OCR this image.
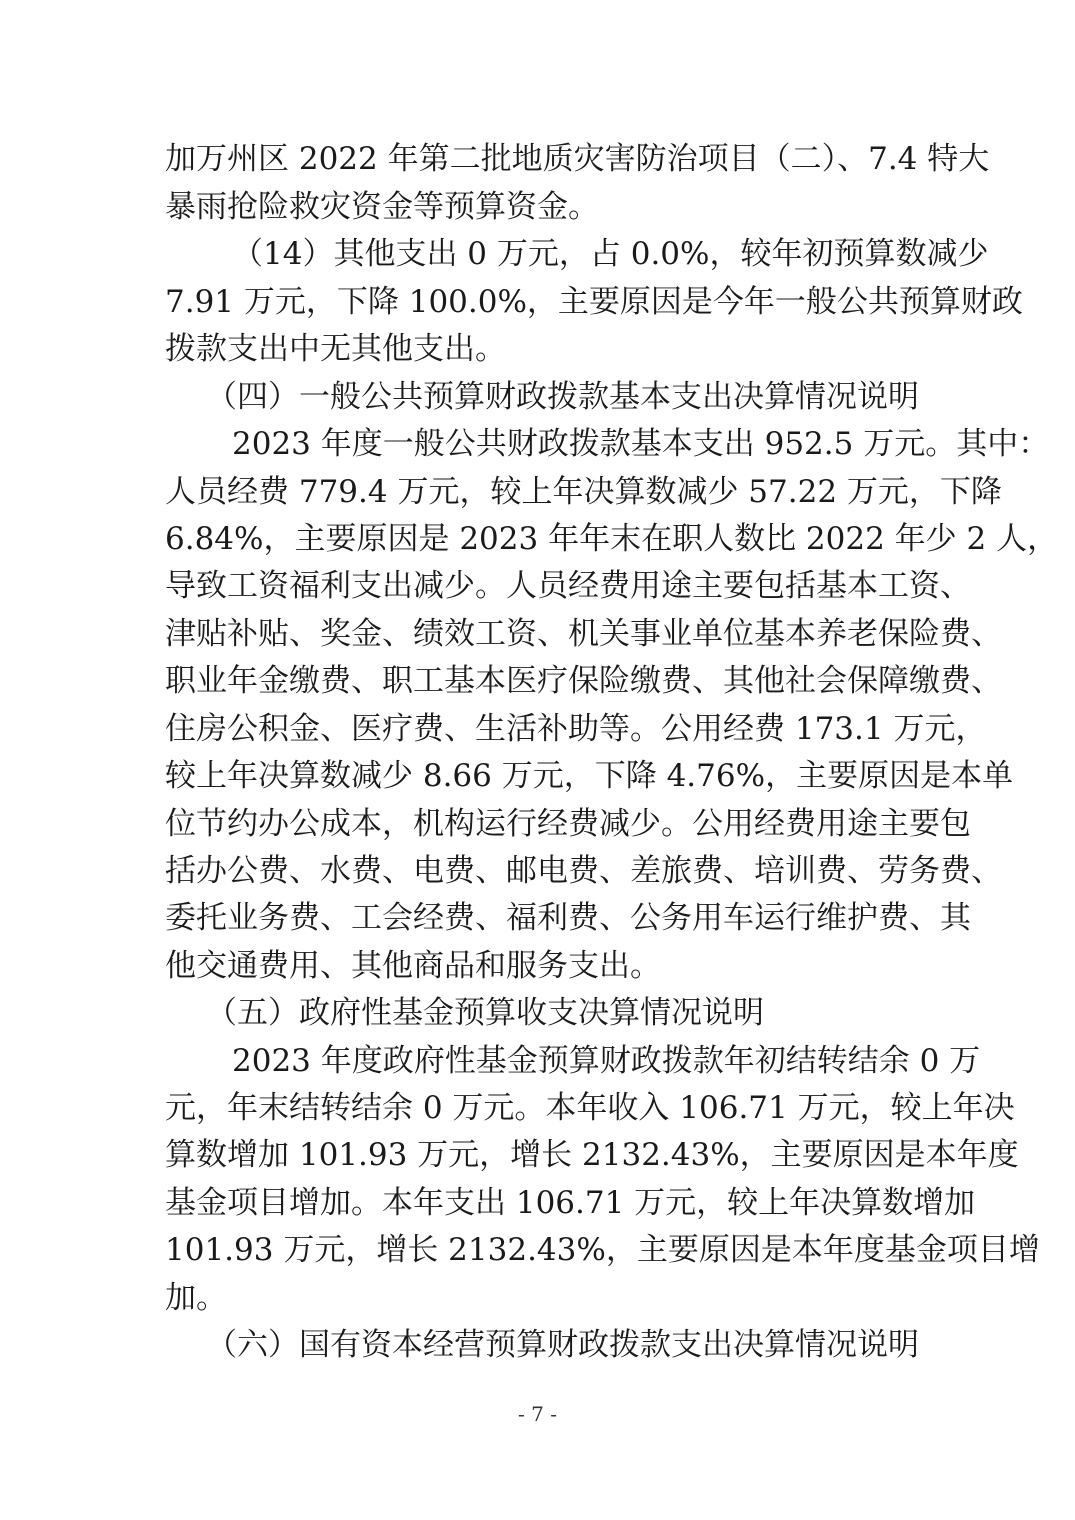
加万州区 2022 年第二批地质灾害防治项目（二）、7.4 特大
暴雨抢险救灾资金等预算资金。
（14）其他支出 0 万元，占 0.0%，较年初预算数减少
7.91 万元，下降 100.0%，主要原因是今年一般公共预算财政
拨款支出中无其他支出。
（四）一般公共预算财政拨款基本支出决算情况说明
2023 年度一般公共财政拨款基本支出 952.5 万元。其中：
人员经费 779.4 万元，较上年决算数减少 57.22 万元，下降
6.84%，主要原因是 2023 年年末在职人数比 2022 年少 2 人，
导致工资福利支出减少。人员经费用途主要包括基本工资、
津贴补贴、奖金、绩效工资、机关事业单位基本养老保险费、
职业年金缴费、职工基本医疗保险缴费、其他社会保障缴费、
住房公积金、医疗费、生活补助等。公用经费 173.1 万元，
较上年决算数减少 8.66 万元，下降 4.76%，主要原因是本单
位节约办公成本，机构运行经费减少。公用经费用途主要包
括办公费、水费、电费、邮电费、差旅费、培训费、劳务费、
委托业务费、工会经费、福利费、公务用车运行维护费、其
他交通费用、其他商品和服务支出。
（五）政府性基金预算收支决算情况说明
2023 年度政府性基金预算财政拨款年初结转结余 0 万
元，年末结转结余 0 万元。本年收入 106.71 万元，较上年决
算数增加 101.93 万元，增长 2132.43%，主要原因是本年度
基金项目增加。本年支出 106.71 万元，较上年决算数增加
101.93 万元，增长 2132.43%，主要原因是本年度基金项目增
加。
（六）国有资本经营预算财政拨款支出决算情况说明
- 7 -
